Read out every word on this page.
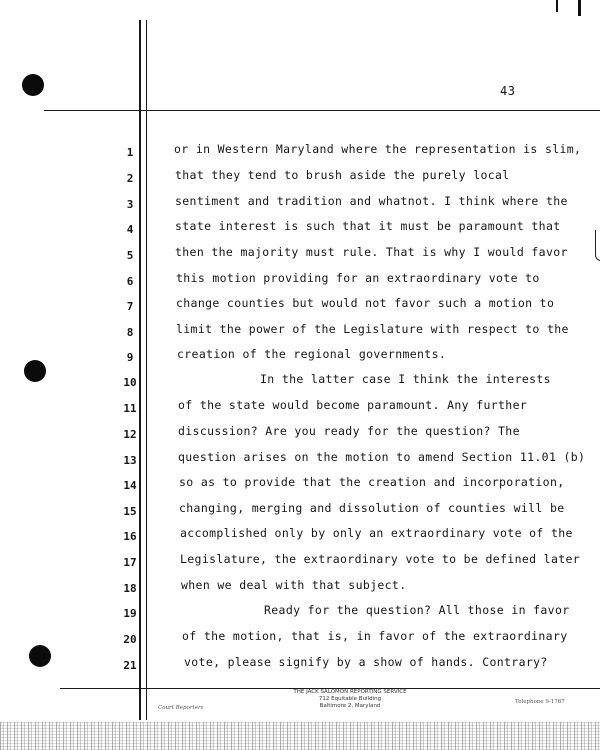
43
1
2
3
4
5
6
7
8
9
10
11
12
13
14
15
16
17
18
19
20
21
or in Western Maryland where the representation is slim,
that they tend to brush aside the purely local
sentiment and tradition and whatnot. I think where the
state interest is such that it must be paramount that
then the majority must rule. That is why I would favor
this motion providing for an extraordinary vote to
change counties but would not favor such a motion to
limit the power of the Legislature with respect to the
creation of the regional governments.
In the latter case I think the interests
of the state would become paramount. Any further
discussion? Are you ready for the question? The
question arises on the motion to amend Section 11.01 (b)
so as to provide that the creation and incorporation,
changing, merging and dissolution of counties will be
accomplished only by only an extraordinary vote of the
Legislature, the extraordinary vote to be defined later
when we deal with that subject.
Ready for the question? All those in favor
of the motion, that is, in favor of the extraordinary
vote, please signify by a show of hands. Contrary?
THE JACK SALOMON REPORTING SERVICE
712 Equitable Building
Baltimore 2, Maryland
Court Reporters
Telephone 9-1767
